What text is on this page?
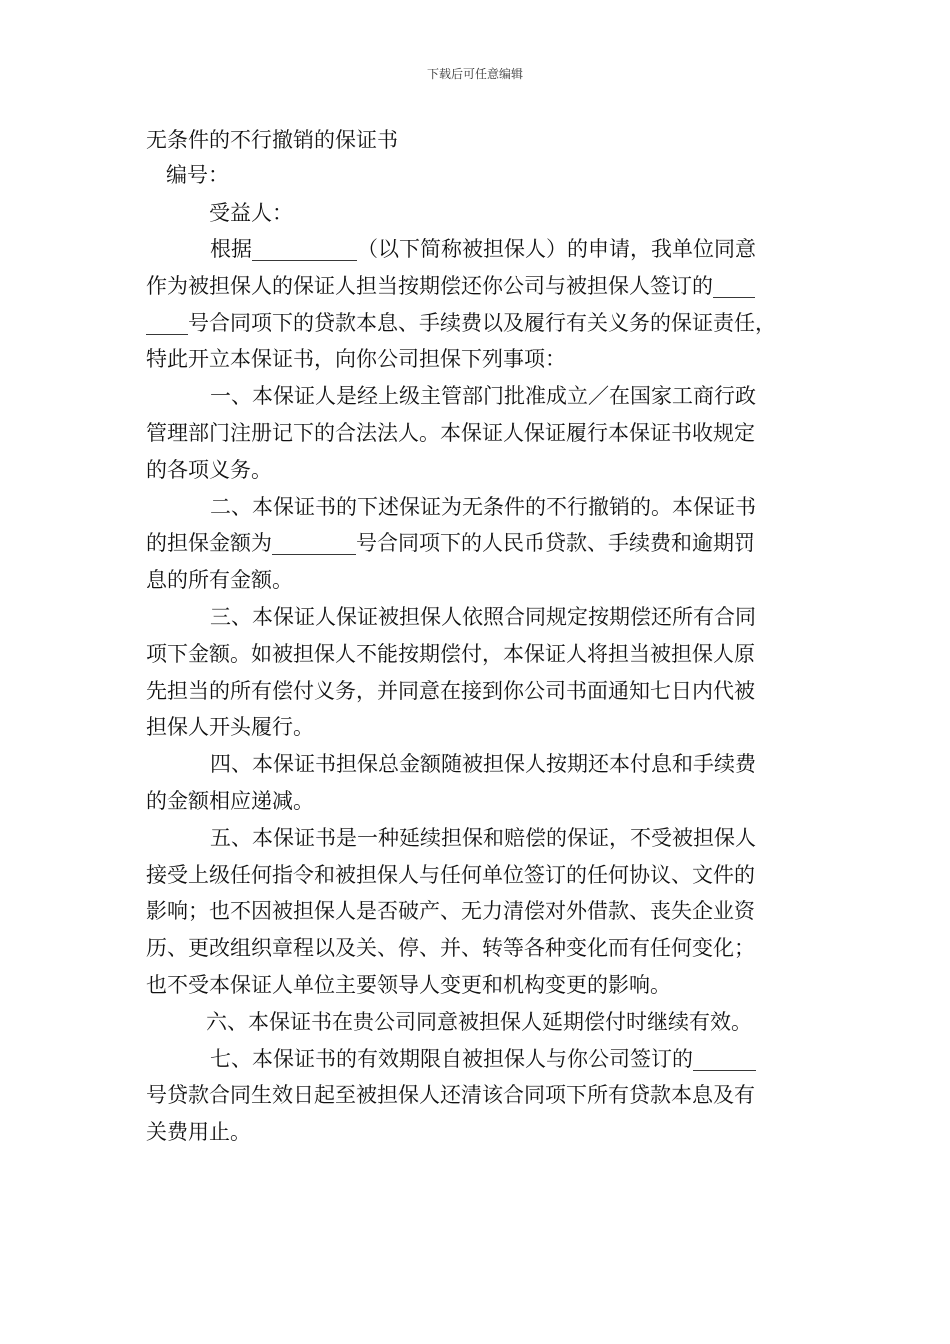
下载后可任意编辑
无条件的不行撤销的保证书
编号：
受益人：
根据__________（以下简称被担保人）的申请，我单位同意
作为被担保人的保证人担当按期偿还你公司与被担保人签订的____
____号合同项下的贷款本息、手续费以及履行有关义务的保证责任，
特此开立本保证书，向你公司担保下列事项：
一、本保证人是经上级主管部门批准成立／在国家工商行政
管理部门注册记下的合法法人。本保证人保证履行本保证书收规定
的各项义务。
二、本保证书的下述保证为无条件的不行撤销的。本保证书
的担保金额为________号合同项下的人民币贷款、手续费和逾期罚
息的所有金额。
三、本保证人保证被担保人依照合同规定按期偿还所有合同
项下金额。如被担保人不能按期偿付，本保证人将担当被担保人原
先担当的所有偿付义务，并同意在接到你公司书面通知七日内代被
担保人开头履行。
四、本保证书担保总金额随被担保人按期还本付息和手续费
的金额相应递减。
五、本保证书是一种延续担保和赔偿的保证，不受被担保人
接受上级任何指令和被担保人与任何单位签订的任何协议、文件的
影响；也不因被担保人是否破产、无力清偿对外借款、丧失企业资
历、更改组织章程以及关、停、并、转等各种变化而有任何变化；
也不受本保证人单位主要领导人变更和机构变更的影响。
六、本保证书在贵公司同意被担保人延期偿付时继续有效。
七、本保证书的有效期限自被担保人与你公司签订的______
号贷款合同生效日起至被担保人还清该合同项下所有贷款本息及有
关费用止。
